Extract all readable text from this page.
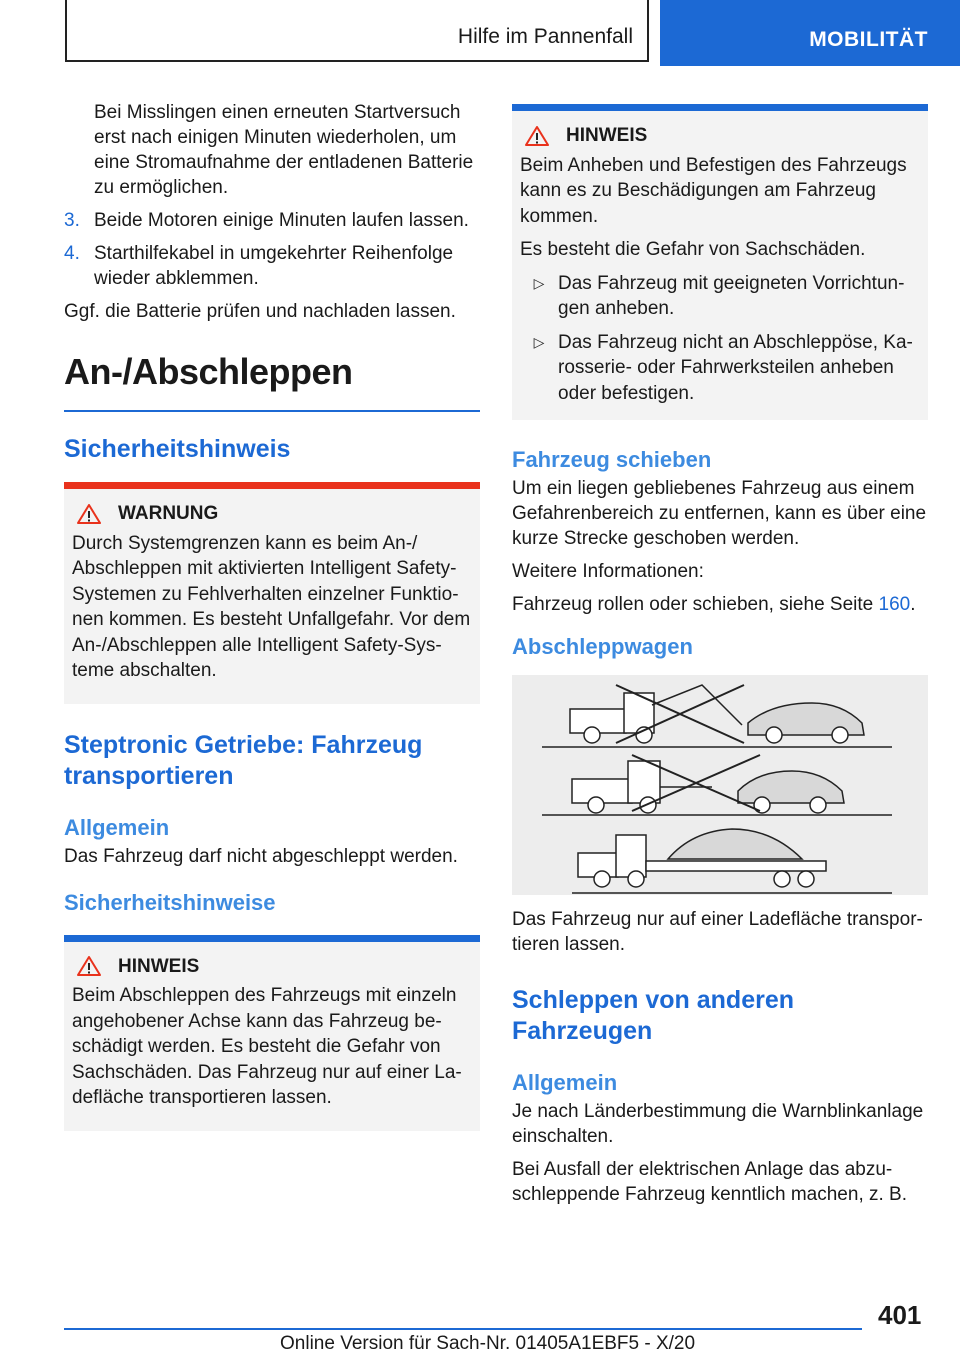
Hilfe im Pannenfall	MOBILITÄT

Bei Misslingen einen erneuten Startversuch erst nach einigen Minuten wiederholen, um eine Stromaufnahme der entladenen Batterie zu ermöglichen.

3. Beide Motoren einige Minuten laufen lassen.
4. Starthilfekabel in umgekehrter Reihenfolge wieder abklemmen.

Ggf. die Batterie prüfen und nachladen lassen.

An-/Abschleppen
Sicherheitshinweis
WARNUNG
Durch Systemgrenzen kann es beim An-/ Abschleppen mit aktivierten Intelligent Safety-Systemen zu Fehlverhalten einzelner Funktio- nen kommen. Es besteht Unfallgefahr. Vor dem An-/Abschleppen alle Intelligent Safety-Sys- teme abschalten.
Steptronic Getriebe: Fahrzeug transportieren
Allgemein

Das Fahrzeug darf nicht abgeschleppt werden.

Sicherheitshinweise
HINWEIS
Beim Abschleppen des Fahrzeugs mit einzeln angehobener Achse kann das Fahrzeug be- schädigt werden. Es besteht die Gefahr von Sachschäden. Das Fahrzeug nur auf einer La- defläche transportieren lassen.
HINWEIS

Beim Anheben und Befestigen des Fahrzeugs kann es zu Beschädigungen am Fahrzeug kommen.

Es besteht die Gefahr von Sachschäden.

▷ Das Fahrzeug mit geeigneten Vorrichtun- gen anheben.
▷ Das Fahrzeug nicht an Abschleppöse, Ka- rosserie- oder Fahrwerksteilen anheben oder befestigen.
Fahrzeug schieben

Um ein liegen gebliebenes Fahrzeug aus einem Gefahrenbereich zu entfernen, kann es über eine kurze Strecke geschoben werden.

Weitere Informationen:

Fahrzeug rollen oder schieben, siehe Seite 160.

Abschleppwagen

Das Fahrzeug nur auf einer Ladefläche transpor- tieren lassen.

Schleppen von anderen Fahrzeugen
Allgemein

Je nach Länderbestimmung die Warnblinkanlage einschalten.

Bei Ausfall der elektrischen Anlage das abzu- schleppende Fahrzeug kenntlich machen, z. B.

401
Online Version für Sach-Nr. 01405A1EBF5 - X/20
